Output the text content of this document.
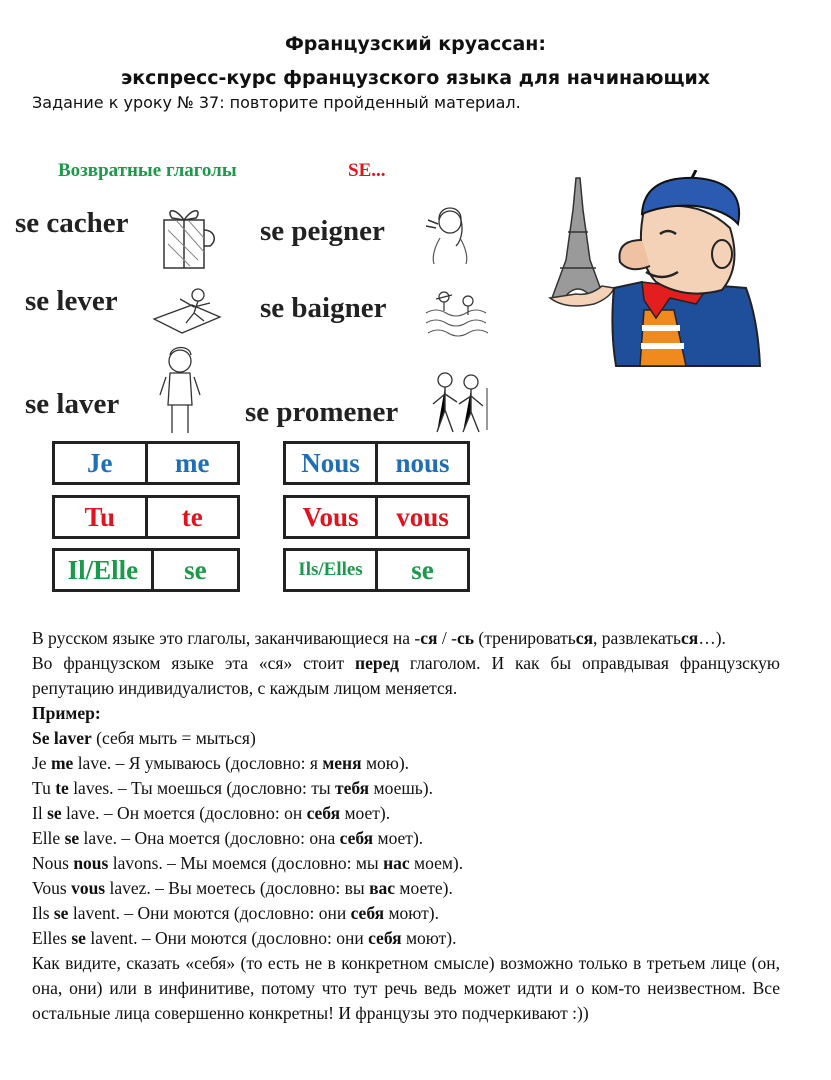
Французский круассан:
экспресс-курс французского языка для начинающих
Задание к уроку № 37: повторите пройденный материал.
Возвратные глаголы	SE...
se cacher	se peigner
se lever	se baigner
se laver	se promener
Je	me
Tu	te
Il/Elle	se
Nous	nous
Vous	vous
Ils/Elles	se

В русском языке это глаголы, заканчивающиеся на -ся / -сь (тренироваться, развлекаться…).

Во французском языке эта «ся» стоит перед глаголом. И как бы оправдывая французскую репутацию индивидуалистов, с каждым лицом меняется.

Пример:

Se laver (себя мыть = мыться)

Je me lave. – Я умываюсь (дословно: я меня мою).

Tu te laves. – Ты моешься (дословно: ты тебя моешь).

Il se lave. – Он моется (дословно: он себя моет).

Elle se lave. – Она моется (дословно: она себя моет).

Nous nous lavons. – Мы моемся (дословно: мы нас моем).

Vous vous lavez. – Вы моетесь (дословно: вы вас моете).

Ils se lavent. – Они моются (дословно: они себя моют).

Elles se lavent. – Они моются (дословно: они себя моют).

Как видите, сказать «себя» (то есть не в конкретном смысле) возможно только в третьем лице (он, она, они) или в инфинитиве, потому что тут речь ведь может идти и о ком-то неизвестном. Все остальные лица совершенно конкретны! И французы это подчеркивают :))
